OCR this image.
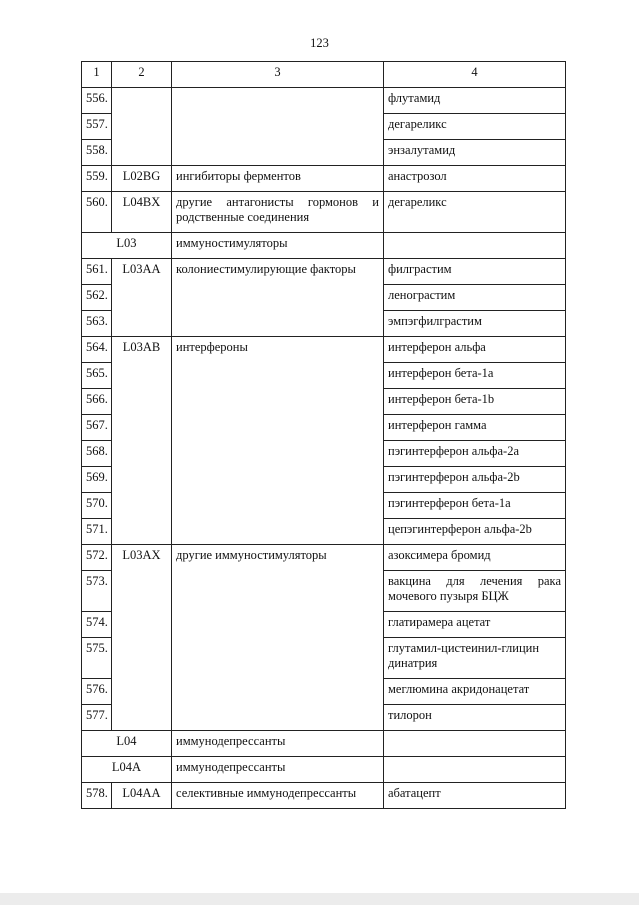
123
1	2	3	4
556.			флутамид
557.			дегареликс
558.			энзалутамид
559.	L02BG	ингибиторы ферментов	анастрозол
560.	L04BX	другие антагонисты гормонов и родственные соединения	дегареликс
L03		иммуностимуляторы	
561.	L03AA	колониестимулирующие факторы	филграстим
562.			ленограстим
563.			эмпэгфилграстим
564.	L03AB	интерфероны	интерферон альфа
565.			интерферон бета-1a
566.			интерферон бета-1b
567.			интерферон гамма
568.			пэгинтерферон альфа-2a
569.			пэгинтерферон альфа-2b
570.			пэгинтерферон бета-1a
571.			цепэгинтерферон альфа-2b
572.	L03AX	другие иммуностимуляторы	азоксимера бромид
573.			вакцина для лечения рака мочевого пузыря БЦЖ
574.			глатирамера ацетат
575.			глутамил-цистеинил-глицин динатрия
576.			меглюмина акридонацетат
577.			тилорон
L04		иммунодепрессанты	
L04A		иммунодепрессанты	
578.	L04AA	селективные иммунодепрессанты	абатацепт
